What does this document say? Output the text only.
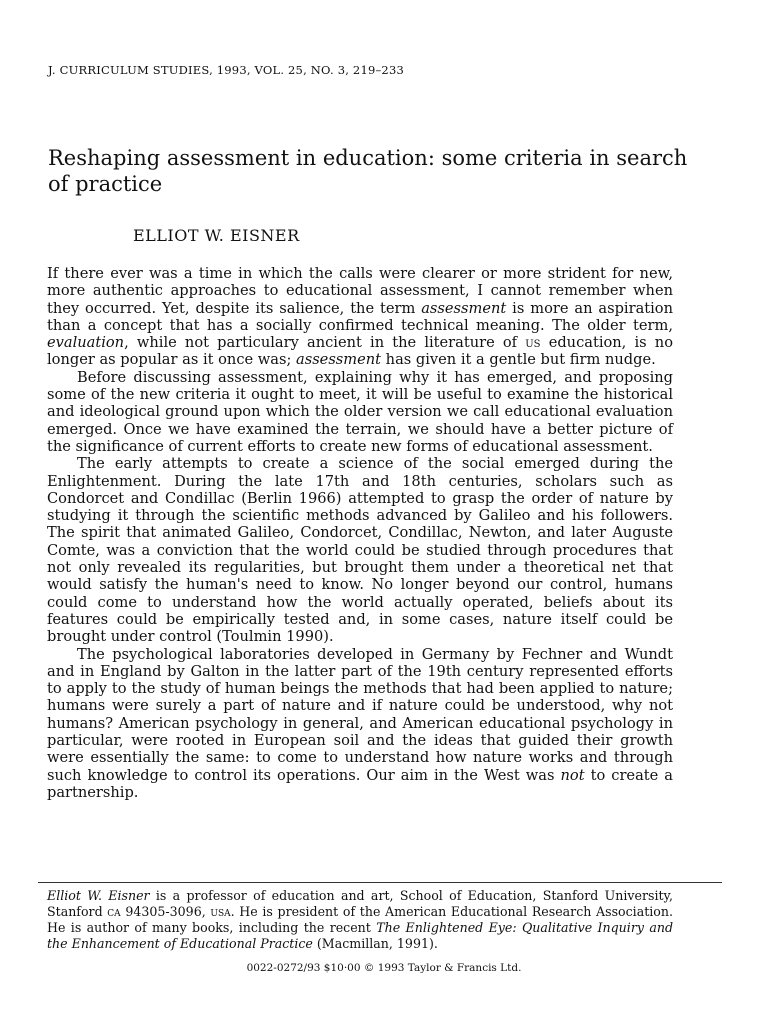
J. CURRICULUM STUDIES, 1993, VOL. 25, NO. 3, 219–233
Reshaping assessment in education: some criteria in search of practice
ELLIOT W. EISNER

If there ever was a time in which the calls were clearer or more strident for new, more authentic approaches to educational assessment, I cannot remember when they occurred. Yet, despite its salience, the term assessment is more an aspiration than a concept that has a socially confirmed technical meaning. The older term, evaluation, while not particulary ancient in the literature of us education, is no longer as popular as it once was; assessment has given it a gentle but firm nudge.

Before discussing assessment, explaining why it has emerged, and proposing some of the new criteria it ought to meet, it will be useful to examine the historical and ideological ground upon which the older version we call educational evaluation emerged. Once we have examined the terrain, we should have a better picture of the significance of current efforts to create new forms of educational assessment.

The early attempts to create a science of the social emerged during the Enlightenment. During the late 17th and 18th centuries, scholars such as Condorcet and Condillac (Berlin 1966) attempted to grasp the order of nature by studying it through the scientific methods advanced by Galileo and his followers. The spirit that animated Galileo, Condorcet, Condillac, Newton, and later Auguste Comte, was a conviction that the world could be studied through procedures that not only revealed its regularities, but brought them under a theoretical net that would satisfy the human's need to know. No longer beyond our control, humans could come to understand how the world actually operated, beliefs about its features could be empirically tested and, in some cases, nature itself could be brought under control (Toulmin 1990).

The psychological laboratories developed in Germany by Fechner and Wundt and in England by Galton in the latter part of the 19th century represented efforts to apply to the study of human beings the methods that had been applied to nature; humans were surely a part of nature and if nature could be understood, why not humans? American psychology in general, and American educational psychology in particular, were rooted in European soil and the ideas that guided their growth were essentially the same: to come to understand how nature works and through such knowledge to control its operations. Our aim in the West was not to create a partnership.

Elliot W. Eisner is a professor of education and art, School of Education, Stanford University, Stanford ca 94305-3096, usa. He is president of the American Educational Research Association. He is author of many books, including the recent The Enlightened Eye: Qualitative Inquiry and the Enhancement of Educational Practice (Macmillan, 1991).
0022-0272/93 $10·00 © 1993 Taylor & Francis Ltd.
